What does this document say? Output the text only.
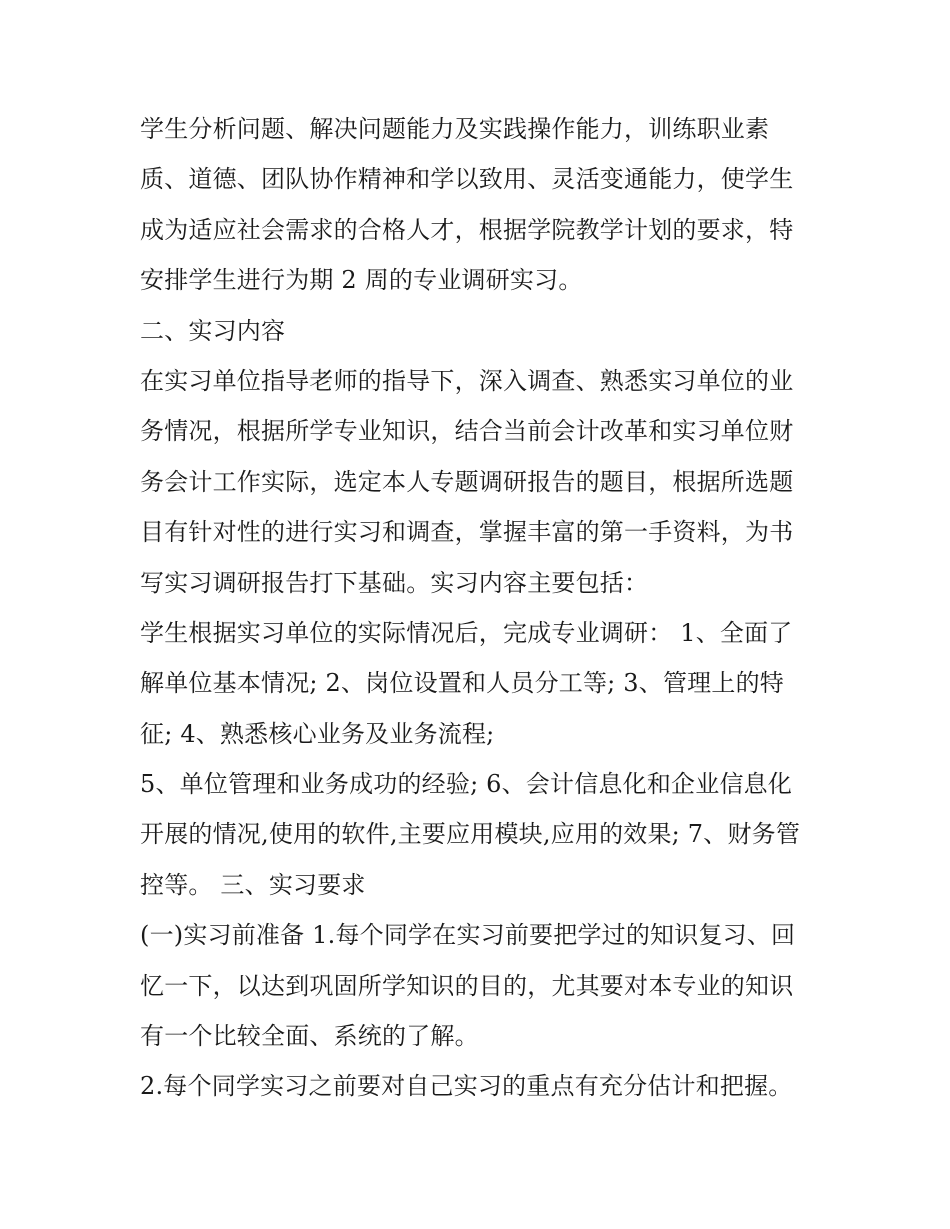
学生分析问题、解决问题能力及实践操作能力，训练职业素
质、道德、团队协作精神和学以致用、灵活变通能力，使学生
成为适应社会需求的合格人才，根据学院教学计划的要求，特
安排学生进行为期 2 周的专业调研实习。
二、实习内容
在实习单位指导老师的指导下，深入调查、熟悉实习单位的业
务情况，根据所学专业知识，结合当前会计改革和实习单位财
务会计工作实际，选定本人专题调研报告的题目，根据所选题
目有针对性的进行实习和调查，掌握丰富的第一手资料，为书
写实习调研报告打下基础。实习内容主要包括：
学生根据实习单位的实际情况后，完成专业调研： 1、全面了
解单位基本情况; 2、岗位设置和人员分工等; 3、管理上的特
征; 4、熟悉核心业务及业务流程;
5、单位管理和业务成功的经验; 6、会计信息化和企业信息化
开展的情况,使用的软件,主要应用模块,应用的效果; 7、财务管
控等。 三、实习要求
(一)实习前准备 1.每个同学在实习前要把学过的知识复习、回
忆一下，以达到巩固所学知识的目的，尤其要对本专业的知识
有一个比较全面、系统的了解。
2.每个同学实习之前要对自己实习的重点有充分估计和把握。
